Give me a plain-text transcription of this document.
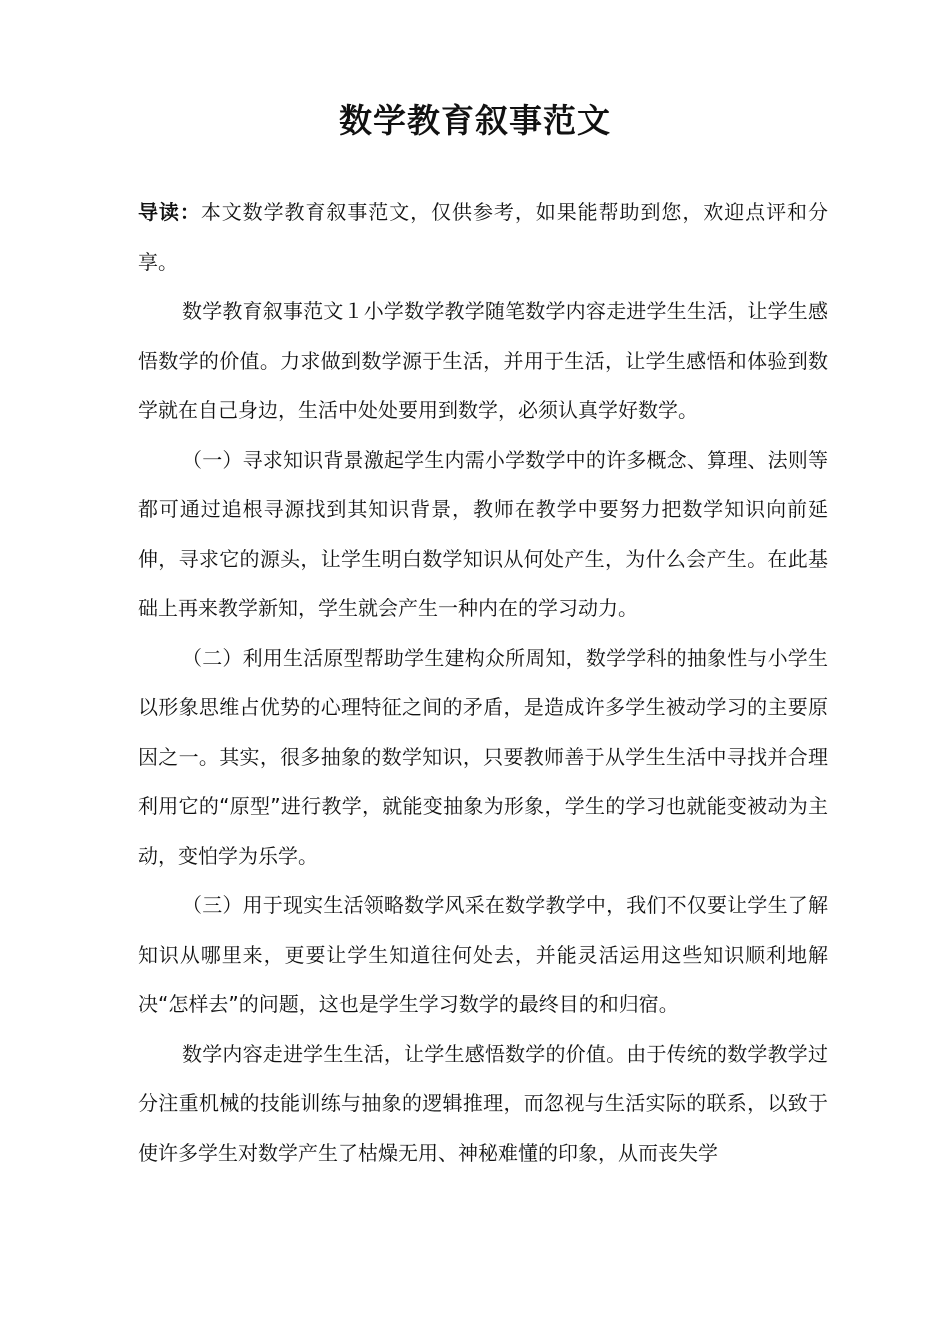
数学教育叙事范文

导读：本文数学教育叙事范文，仅供参考，如果能帮助到您，欢迎点评和分享。

数学教育叙事范文１小学数学教学随笔数学内容走进学生生活，让学生感悟数学的价值。力求做到数学源于生活，并用于生活，让学生感悟和体验到数学就在自己身边，生活中处处要用到数学，必须认真学好数学。

（一）寻求知识背景激起学生内需小学数学中的许多概念、算理、法则等都可通过追根寻源找到其知识背景，教师在教学中要努力把数学知识向前延伸，寻求它的源头，让学生明白数学知识从何处产生，为什么会产生。在此基础上再来教学新知，学生就会产生一种内在的学习动力。

（二）利用生活原型帮助学生建构众所周知，数学学科的抽象性与小学生以形象思维占优势的心理特征之间的矛盾，是造成许多学生被动学习的主要原因之一。其实，很多抽象的数学知识，只要教师善于从学生生活中寻找并合理利用它的“原型”进行教学，就能变抽象为形象，学生的学习也就能变被动为主动，变怕学为乐学。

（三）用于现实生活领略数学风采在数学教学中，我们不仅要让学生了解知识从哪里来，更要让学生知道往何处去，并能灵活运用这些知识顺利地解决“怎样去”的问题，这也是学生学习数学的最终目的和归宿。

数学内容走进学生生活，让学生感悟数学的价值。由于传统的数学教学过分注重机械的技能训练与抽象的逻辑推理，而忽视与生活实际的联系，以致于使许多学生对数学产生了枯燥无用、神秘难懂的印象，从而丧失学
